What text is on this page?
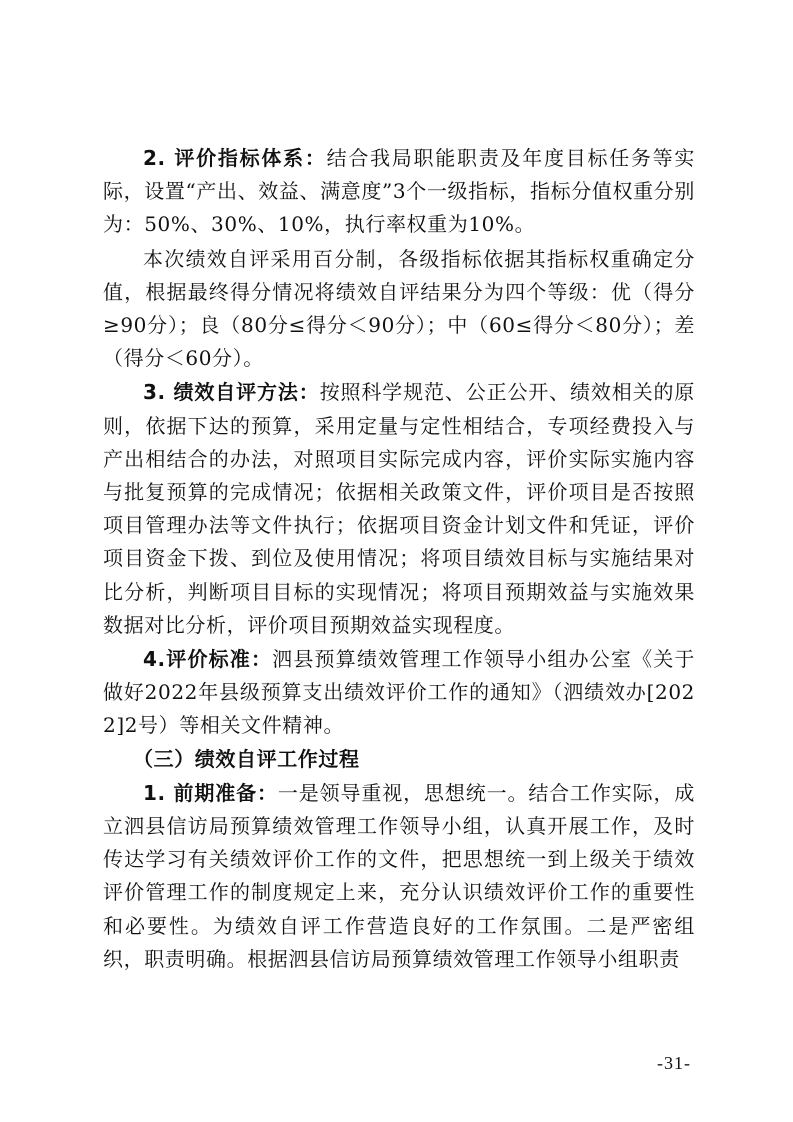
2. 评价指标体系：结合我局职能职责及年度目标任务等实际，设置“产出、效益、满意度”3个一级指标，指标分值权重分别为：50%、30%、10%，执行率权重为10%。

本次绩效自评采用百分制，各级指标依据其指标权重确定分值，根据最终得分情况将绩效自评结果分为四个等级：优（得分≥90分）；良（80分≤得分＜90分）；中（60≤得分＜80分）；差（得分＜60分）。

3. 绩效自评方法：按照科学规范、公正公开、绩效相关的原则，依据下达的预算，采用定量与定性相结合，专项经费投入与产出相结合的办法，对照项目实际完成内容，评价实际实施内容与批复预算的完成情况；依据相关政策文件，评价项目是否按照项目管理办法等文件执行；依据项目资金计划文件和凭证，评价项目资金下拨、到位及使用情况；将项目绩效目标与实施结果对比分析，判断项目目标的实现情况；将项目预期效益与实施效果数据对比分析，评价项目预期效益实现程度。

4.评价标准：泗县预算绩效管理工作领导小组办公室《关于做好2022年县级预算支出绩效评价工作的通知》（泗绩效办[2022]2号）等相关文件精神。

（三）绩效自评工作过程

1. 前期准备：一是领导重视，思想统一。结合工作实际，成立泗县信访局预算绩效管理工作领导小组，认真开展工作，及时传达学习有关绩效评价工作的文件，把思想统一到上级关于绩效评价管理工作的制度规定上来，充分认识绩效评价工作的重要性和必要性。为绩效自评工作营造良好的工作氛围。二是严密组织，职责明确。根据泗县信访局预算绩效管理工作领导小组职责

-31-
